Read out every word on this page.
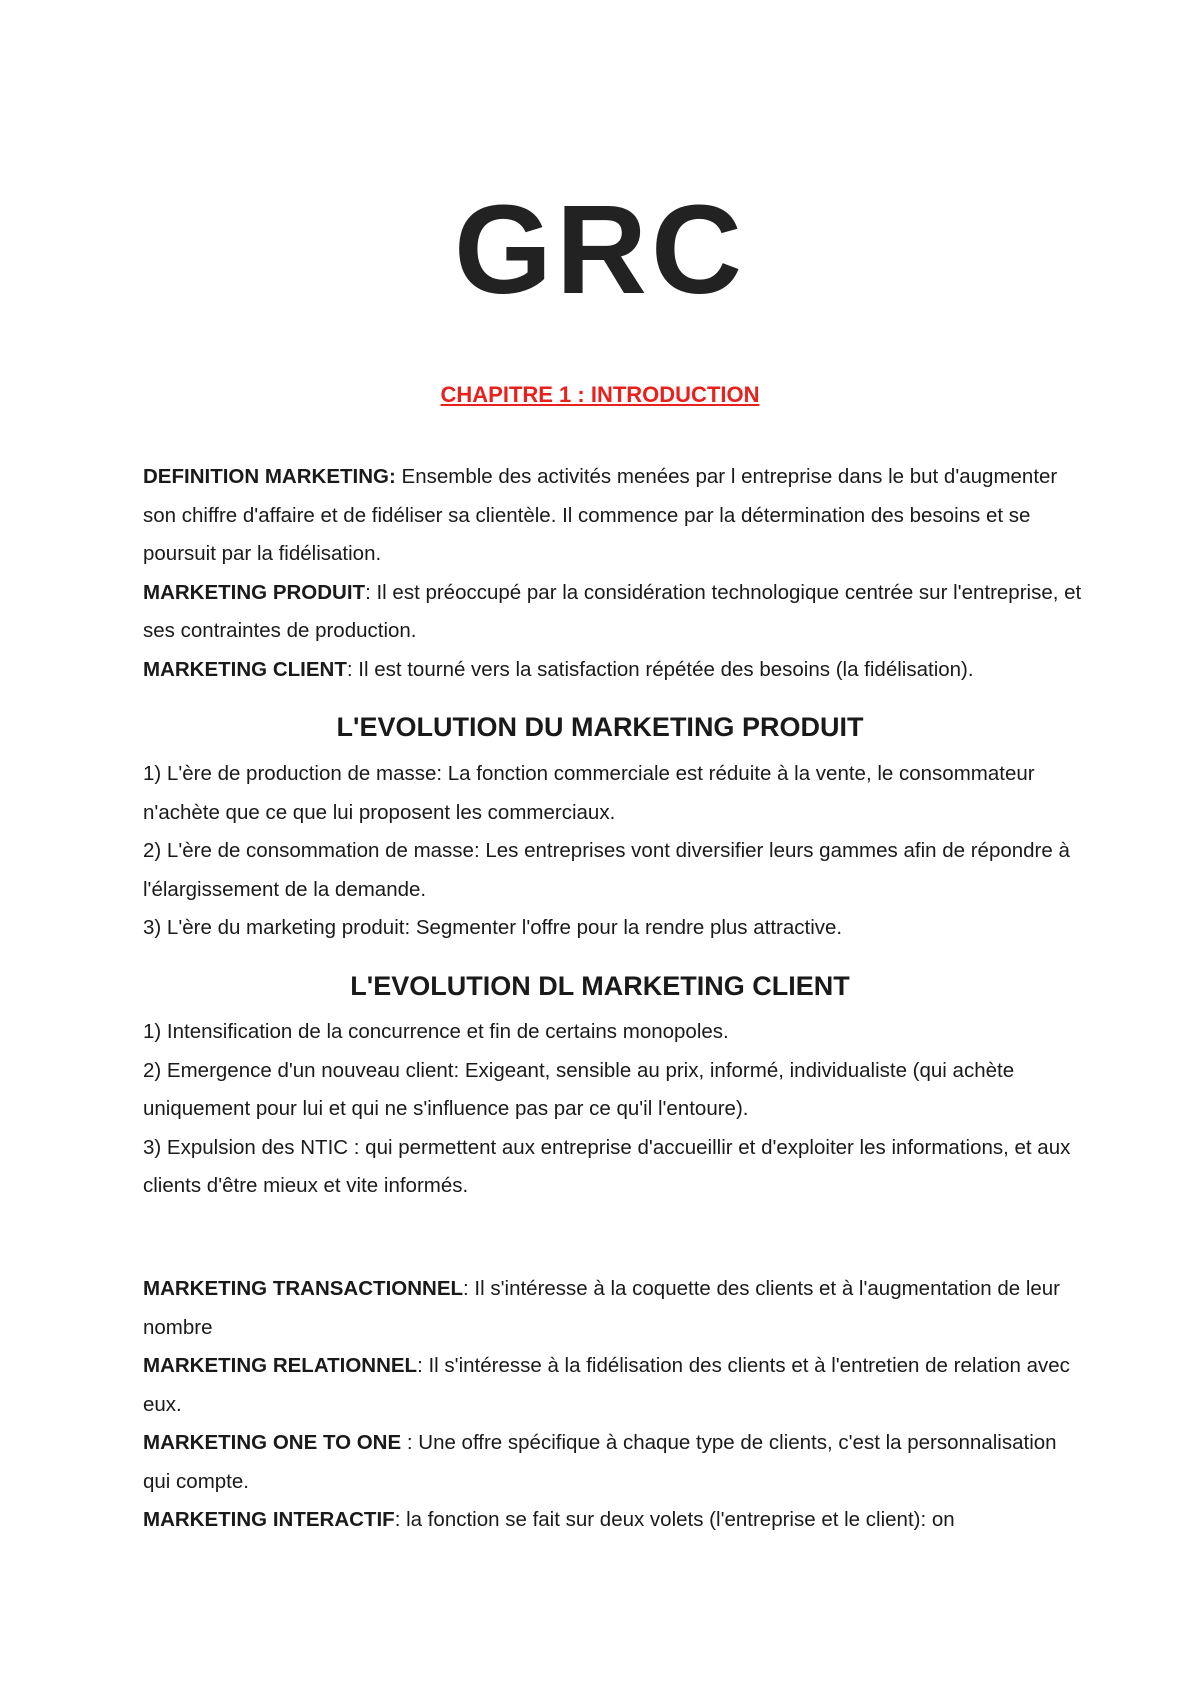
GRC
CHAPITRE 1 : INTRODUCTION

DEFINITION MARKETING: Ensemble des activités menées par l entreprise dans le but d'augmenter son chiffre d'affaire et de fidéliser sa clientèle. Il commence par la détermination des besoins et se poursuit par la fidélisation.

MARKETING PRODUIT: Il est préoccupé par la considération technologique centrée sur l'entreprise, et ses contraintes de production.

MARKETING CLIENT: Il est tourné vers la satisfaction répétée des besoins (la fidélisation).

L'EVOLUTION DU MARKETING PRODUIT

1) L'ère de production de masse: La fonction commerciale est réduite à la vente, le consommateur n'achète que ce que lui proposent les commerciaux.

2) L'ère de consommation de masse: Les entreprises vont diversifier leurs gammes afin de répondre à l'élargissement de la demande.

3) L'ère du marketing produit: Segmenter l'offre pour la rendre plus attractive.

L'EVOLUTION DL MARKETING CLIENT

1) Intensification de la concurrence et fin de certains monopoles.

2) Emergence d'un nouveau client: Exigeant, sensible au prix, informé, individualiste (qui achète uniquement pour lui et qui ne s'influence pas par ce qu'il l'entoure).

3) Expulsion des NTIC : qui permettent aux entreprise d'accueillir et d'exploiter les informations, et aux clients d'être mieux et vite informés.

MARKETING TRANSACTIONNEL: Il s'intéresse à la coquette des clients et à l'augmentation de leur nombre

MARKETING RELATIONNEL: Il s'intéresse à la fidélisation des clients et à l'entretien de relation avec eux.

MARKETING ONE TO ONE : Une offre spécifique à chaque type de clients, c'est la personnalisation qui compte.

MARKETING INTERACTIF: la fonction se fait sur deux volets (l'entreprise et le client): on
